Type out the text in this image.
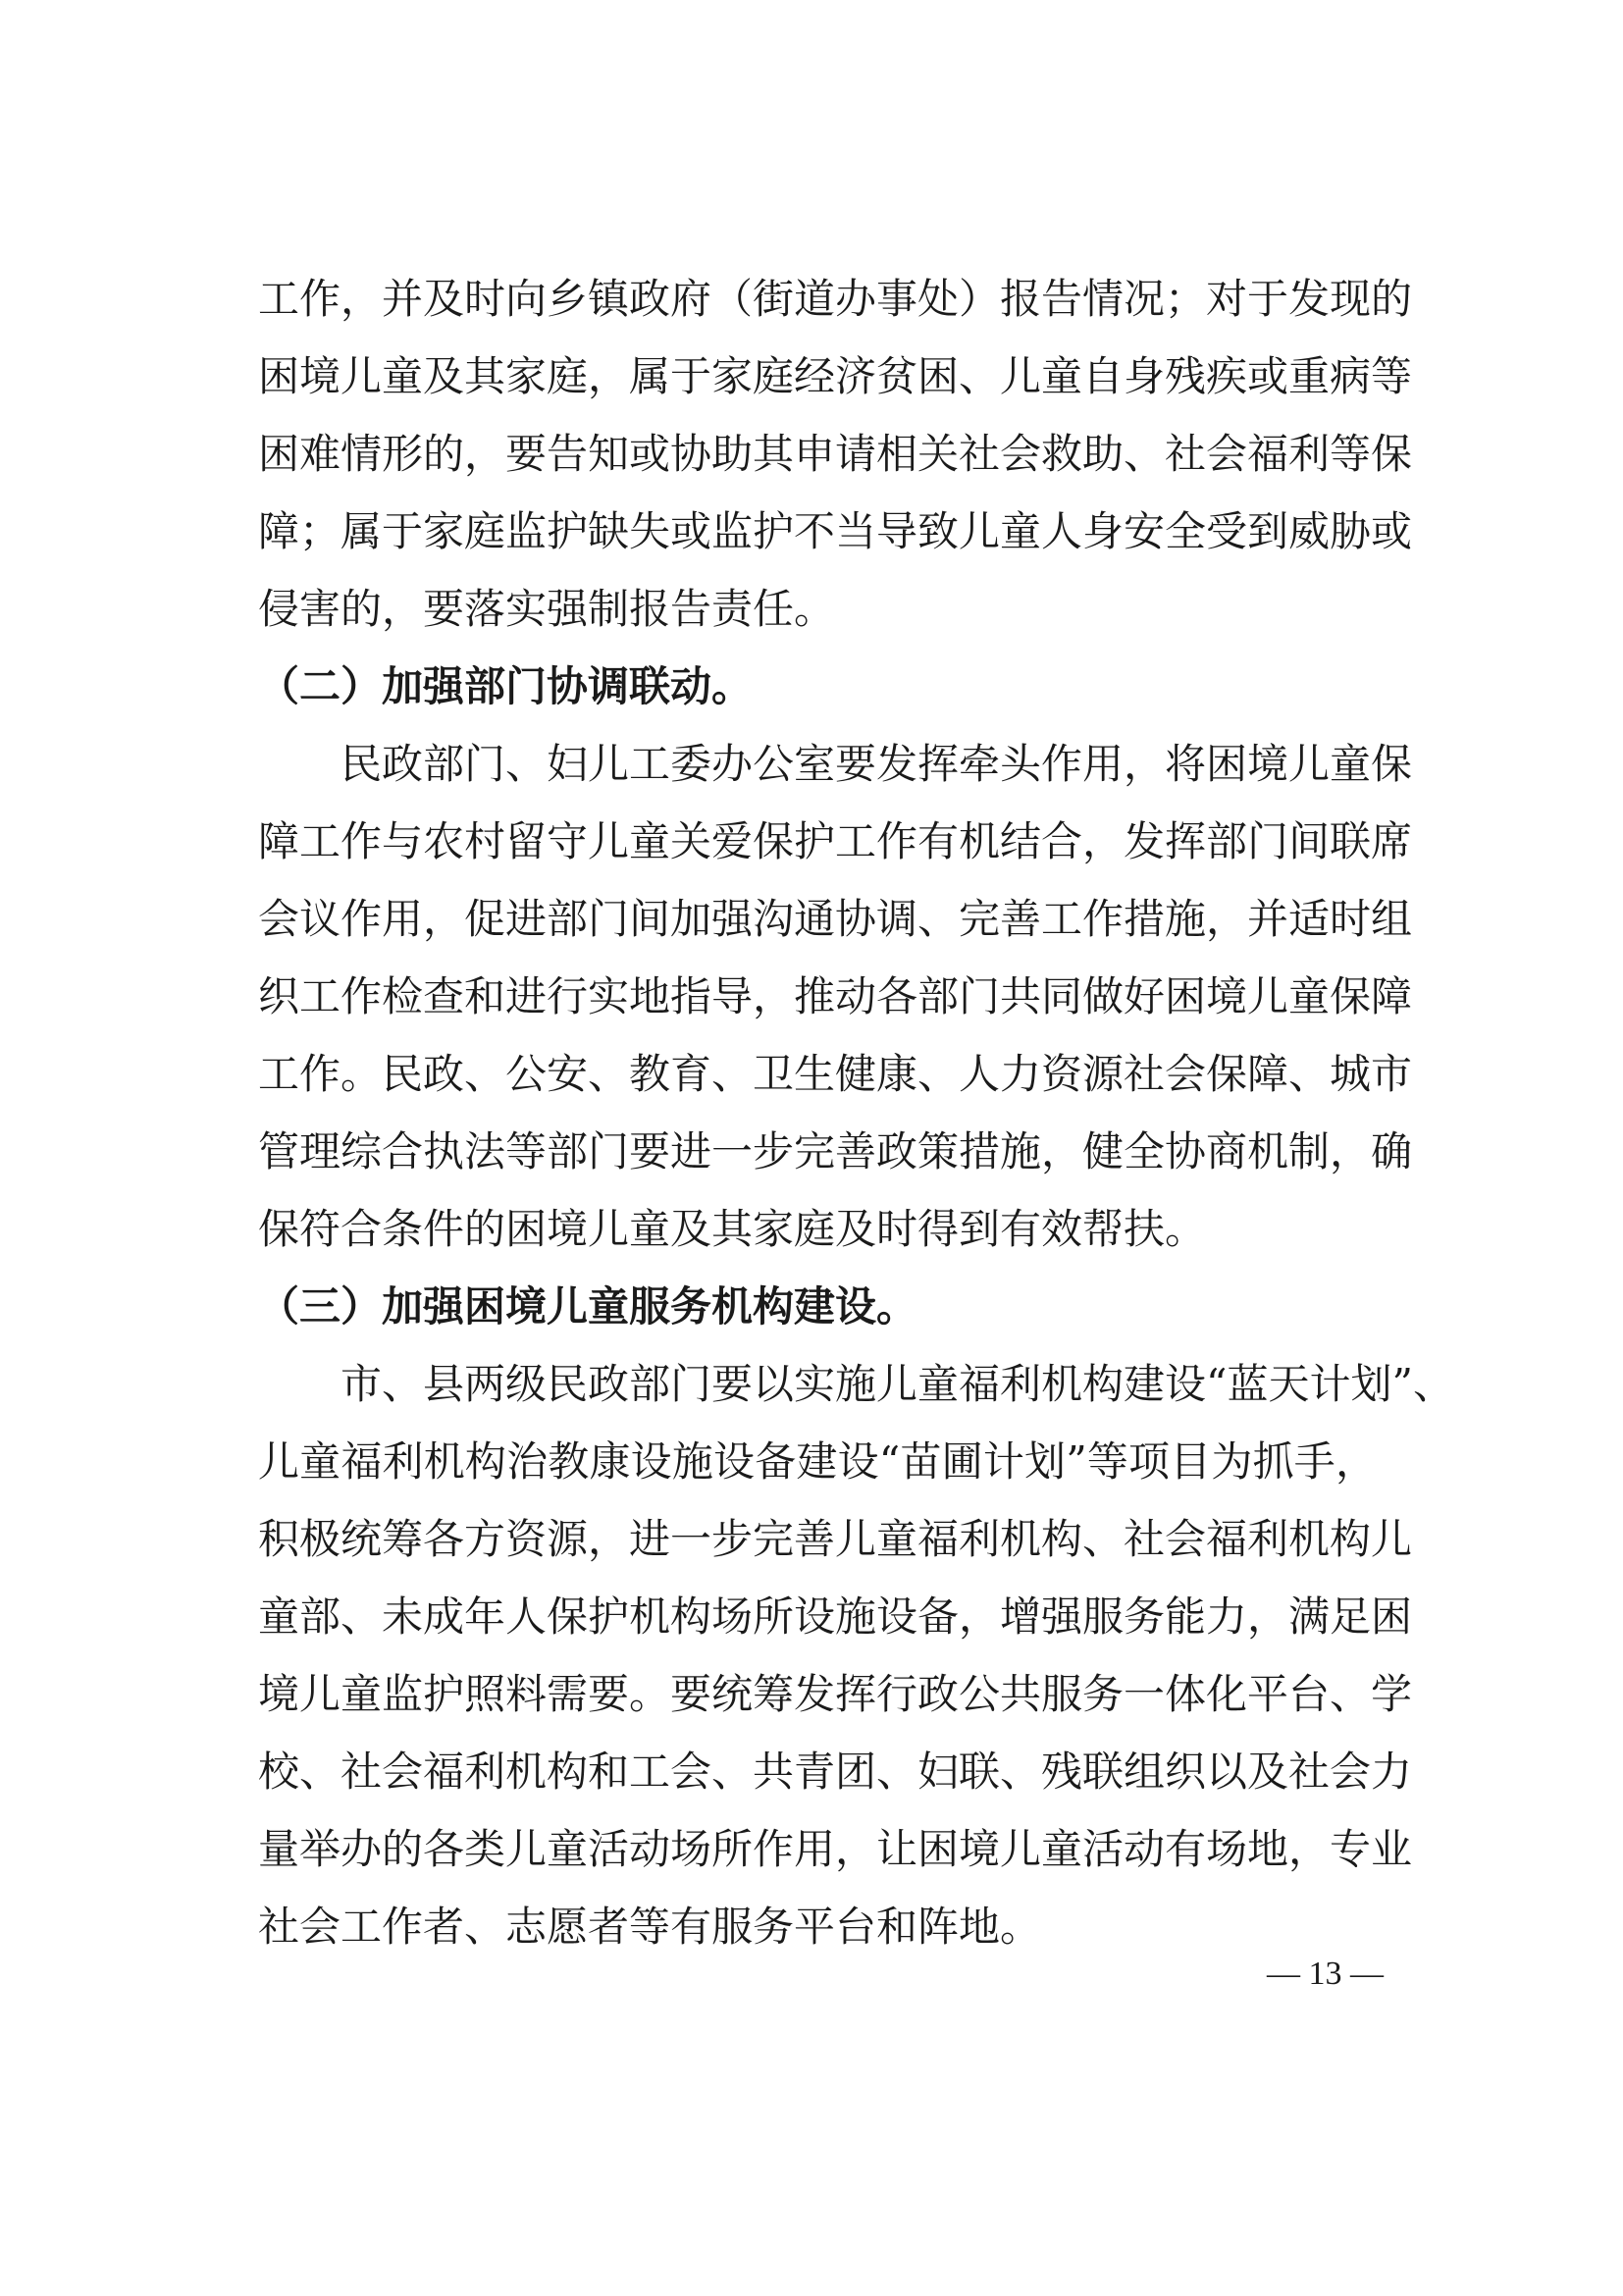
工作，并及时向乡镇政府（街道办事处）报告情况；对于发现的
困境儿童及其家庭，属于家庭经济贫困、儿童自身残疾或重病等
困难情形的，要告知或协助其申请相关社会救助、社会福利等保
障；属于家庭监护缺失或监护不当导致儿童人身安全受到威胁或
侵害的，要落实强制报告责任。
（二）加强部门协调联动。
民政部门、妇儿工委办公室要发挥牵头作用，将困境儿童保
障工作与农村留守儿童关爱保护工作有机结合，发挥部门间联席
会议作用，促进部门间加强沟通协调、完善工作措施，并适时组
织工作检查和进行实地指导，推动各部门共同做好困境儿童保障
工作。民政、公安、教育、卫生健康、人力资源社会保障、城市
管理综合执法等部门要进一步完善政策措施，健全协商机制，确
保符合条件的困境儿童及其家庭及时得到有效帮扶。
（三）加强困境儿童服务机构建设。
市、县两级民政部门要以实施儿童福利机构建设“蓝天计划”、
儿童福利机构治教康设施设备建设“苗圃计划”等项目为抓手，
积极统筹各方资源，进一步完善儿童福利机构、社会福利机构儿
童部、未成年人保护机构场所设施设备，增强服务能力，满足困
境儿童监护照料需要。要统筹发挥行政公共服务一体化平台、学
校、社会福利机构和工会、共青团、妇联、残联组织以及社会力
量举办的各类儿童活动场所作用，让困境儿童活动有场地，专业
社会工作者、志愿者等有服务平台和阵地。
— 13 —
